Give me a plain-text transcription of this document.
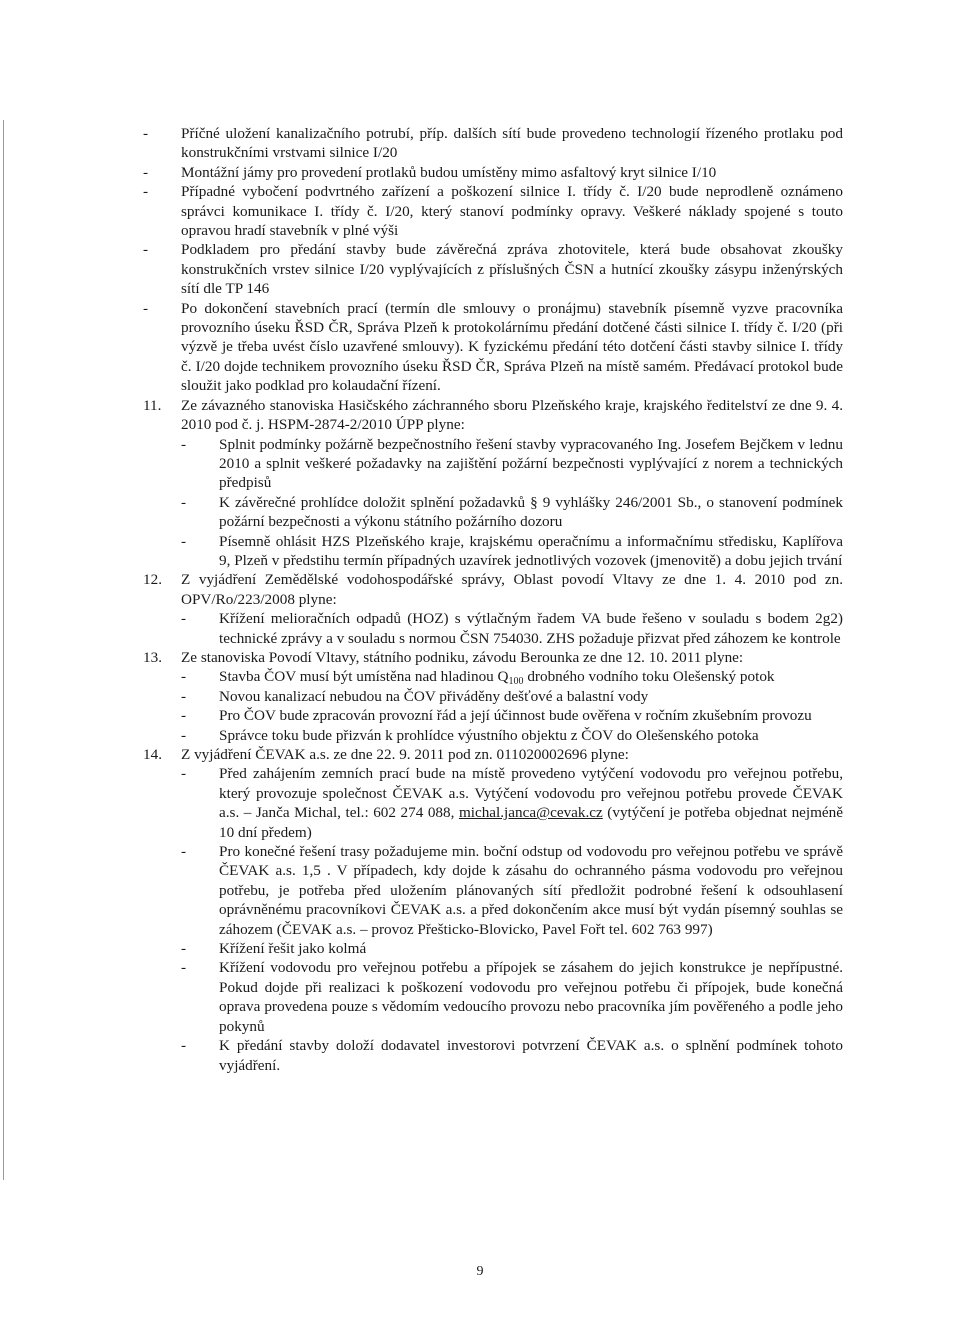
- Příčné uložení kanalizačního potrubí, příp. dalších sítí bude provedeno technologií řízeného protlaku pod konstrukčními vrstvami silnice I/20
- Montážní jámy pro provedení protlaků budou umístěny mimo asfaltový kryt silnice I/10
- Případné vybočení podvrtného zařízení a poškození silnice I. třídy č. I/20 bude neprodleně oznámeno správci komunikace I. třídy č. I/20, který stanoví podmínky opravy. Veškeré náklady spojené s touto opravou hradí stavebník v plné výši
- Podkladem pro předání stavby bude závěrečná zpráva zhotovitele, která bude obsahovat zkoušky konstrukčních vrstev silnice I/20 vyplývajících z příslušných ČSN a hutnící zkoušky zásypu inženýrských sítí dle TP 146
- Po dokončení stavebních prací (termín dle smlouvy o pronájmu) stavebník písemně vyzve pracovníka provozního úseku ŘSD ČR, Správa Plzeň k protokolárnímu předání dotčené části silnice I. třídy č. I/20 (při výzvě je třeba uvést číslo uzavřené smlouvy). K fyzickému předání této dotčení části stavby silnice I. třídy č. I/20 dojde technikem provozního úseku ŘSD ČR, Správa Plzeň na místě samém. Předávací protokol bude sloužit jako podklad pro kolaudační řízení.
11. Ze závazného stanoviska Hasičského záchranného sboru Plzeňského kraje, krajského ředitelství ze dne 9. 4. 2010 pod č. j. HSPM-2874-2/2010 ÚPP plyne:
- Splnit podmínky požárně bezpečnostního řešení stavby vypracovaného Ing. Josefem Bejčkem v lednu 2010 a splnit veškeré požadavky na zajištění požární bezpečnosti vyplývající z norem a technických předpisů
- K závěrečné prohlídce doložit splnění požadavků § 9 vyhlášky 246/2001 Sb., o stanovení podmínek požární bezpečnosti a výkonu státního požárního dozoru
- Písemně ohlásit HZS Plzeňského kraje, krajskému operačnímu a informačnímu středisku, Kaplířova 9, Plzeň v předstihu termín případných uzavírek jednotlivých vozovek (jmenovitě) a dobu jejich trvání
12. Z vyjádření Zemědělské vodohospodářské správy, Oblast povodí Vltavy ze dne 1. 4. 2010 pod zn. OPV/Ro/223/2008 plyne:
- Křížení melioračních odpadů (HOZ) s výtlačným řadem VA bude řešeno v souladu s bodem 2g2) technické zprávy a v souladu s normou ČSN 754030. ZHS požaduje přizvat před záhozem ke kontrole
13. Ze stanoviska Povodí Vltavy, státního podniku, závodu Berounka ze dne 12. 10. 2011 plyne:
- Stavba ČOV musí být umístěna nad hladinou $Q_{100}$ drobného vodního toku Olešenský potok
- Novou kanalizací nebudou na ČOV přiváděny dešťové a balastní vody
- Pro ČOV bude zpracován provozní řád a její účinnost bude ověřena v ročním zkušebním provozu
- Správce toku bude přizván k prohlídce výustního objektu z ČOV do Olešenského potoka
14. Z vyjádření ČEVAK a.s. ze dne 22. 9. 2011 pod zn. 011020002696 plyne:
- Před zahájením zemních prací bude na místě provedeno vytýčení vodovodu pro veřejnou potřebu, který provozuje společnost ČEVAK a.s. Vytýčení vodovodu pro veřejnou potřebu provede ČEVAK a.s. – Janča Michal, tel.: 602 274 088, michal.janca@cevak.cz (vytýčení je potřeba objednat nejméně 10 dní předem)
- Pro konečné řešení trasy požadujeme min. boční odstup od vodovodu pro veřejnou potřebu ve správě ČEVAK a.s. 1,5 . V případech, kdy dojde k zásahu do ochranného pásma vodovodu pro veřejnou potřebu, je potřeba před uložením plánovaných sítí předložit podrobné řešení k odsouhlasení oprávněnému pracovníkovi ČEVAK a.s. a před dokončením akce musí být vydán písemný souhlas se záhozem (ČEVAK a.s. – provoz Přešticko-Blovicko, Pavel Fořt tel. 602 763 997)
- Křížení řešit jako kolmá
- Křížení vodovodu pro veřejnou potřebu a přípojek se zásahem do jejich konstrukce je nepřípustné. Pokud dojde při realizaci k poškození vodovodu pro veřejnou potřebu či přípojek, bude konečná oprava provedena pouze s vědomím vedoucího provozu nebo pracovníka jím pověřeného a podle jeho pokynů
- K předání stavby doloží dodavatel investorovi potvrzení ČEVAK a.s. o splnění podmínek tohoto vyjádření.
9
